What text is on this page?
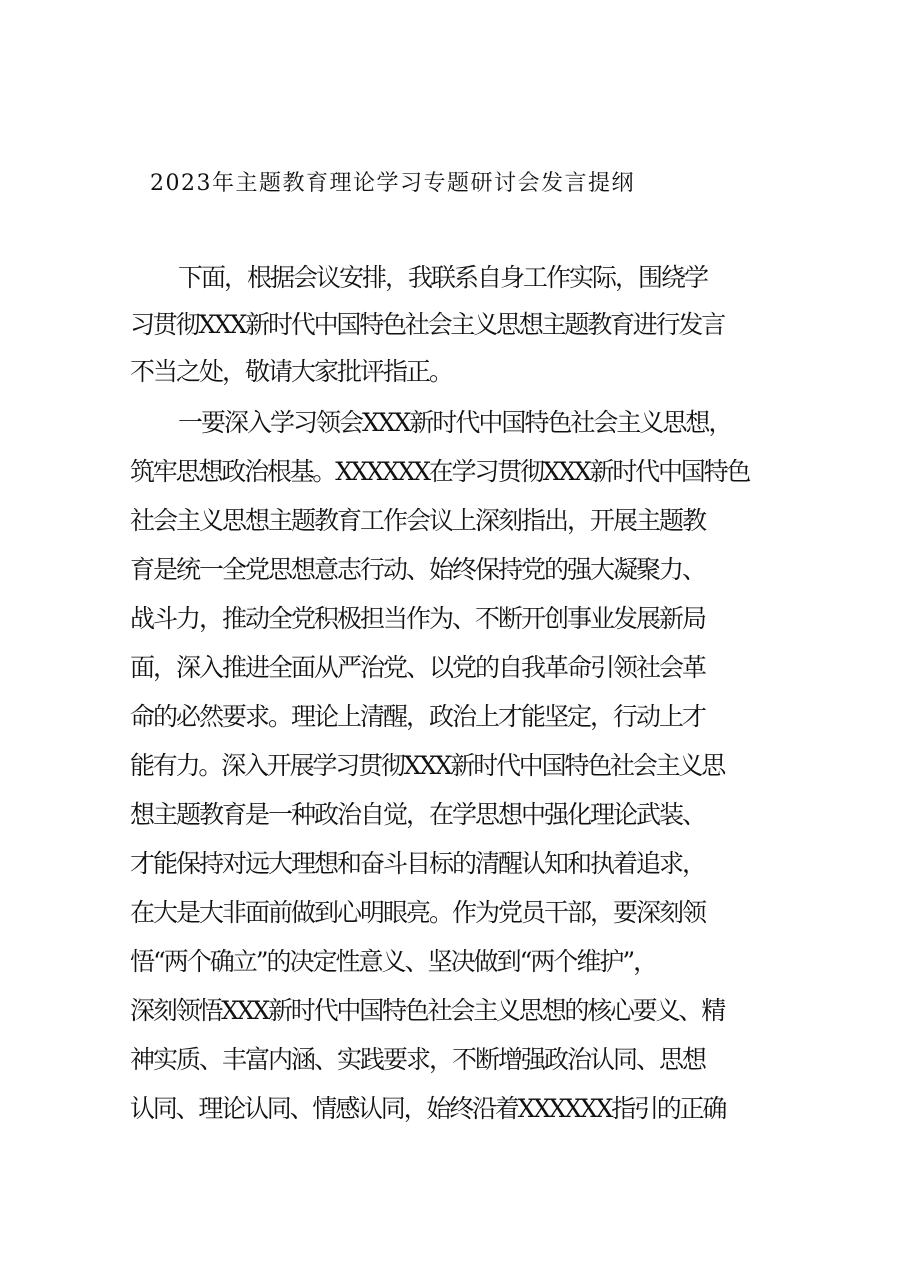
2023年主题教育理论学习专题研讨会发言提纲
下面，根据会议安排，我联系自身工作实际，围绕学
习贯彻XXX新时代中国特色社会主义思想主题教育进行发言
不当之处，敬请大家批评指正。
一要深入学习领会XXX新时代中国特色社会主义思想，
筑牢思想政治根基。XXXXXX在学习贯彻XXX新时代中国特色
社会主义思想主题教育工作会议上深刻指出，开展主题教
育是统一全党思想意志行动、始终保持党的强大凝聚力、
战斗力，推动全党积极担当作为、不断开创事业发展新局
面，深入推进全面从严治党、以党的自我革命引领社会革
命的必然要求。理论上清醒，政治上才能坚定，行动上才
能有力。深入开展学习贯彻XXX新时代中国特色社会主义思
想主题教育是一种政治自觉，在学思想中强化理论武装、
才能保持对远大理想和奋斗目标的清醒认知和执着追求，
在大是大非面前做到心明眼亮。作为党员干部，要深刻领
悟“两个确立”的决定性意义、坚决做到“两个维护”，
深刻领悟XXX新时代中国特色社会主义思想的核心要义、精
神实质、丰富内涵、实践要求，不断增强政治认同、思想
认同、理论认同、情感认同，始终沿着XXXXXX指引的正确
